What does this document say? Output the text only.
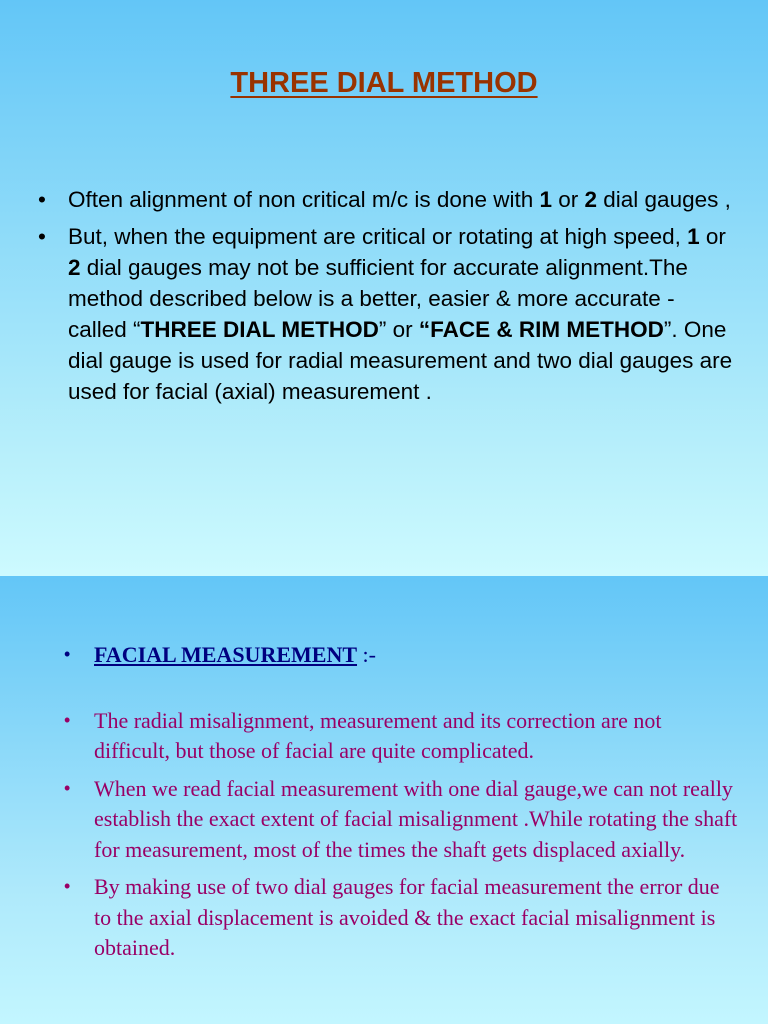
THREE DIAL METHOD
• Often alignment of non critical m/c is done with 1 or 2 dial gauges ,
• But, when the equipment are critical or rotating at high speed, 1 or 2 dial gauges may not be sufficient for accurate alignment.The method described below is a better, easier & more accurate - called “THREE DIAL METHOD” or “FACE & RIM METHOD”. One dial gauge is used for radial measurement and two dial gauges are used for facial (axial) measurement .
• FACIAL MEASUREMENT :-
• The radial misalignment, measurement and its correction are not difficult, but those of facial are quite complicated.
• When we read facial measurement with one dial gauge,we can not really establish the exact extent of facial misalignment .While rotating the shaft for measurement, most of the times the shaft gets displaced axially.
• By making use of two dial gauges for facial measurement the error due to the axial displacement is avoided & the exact facial misalignment is obtained.
